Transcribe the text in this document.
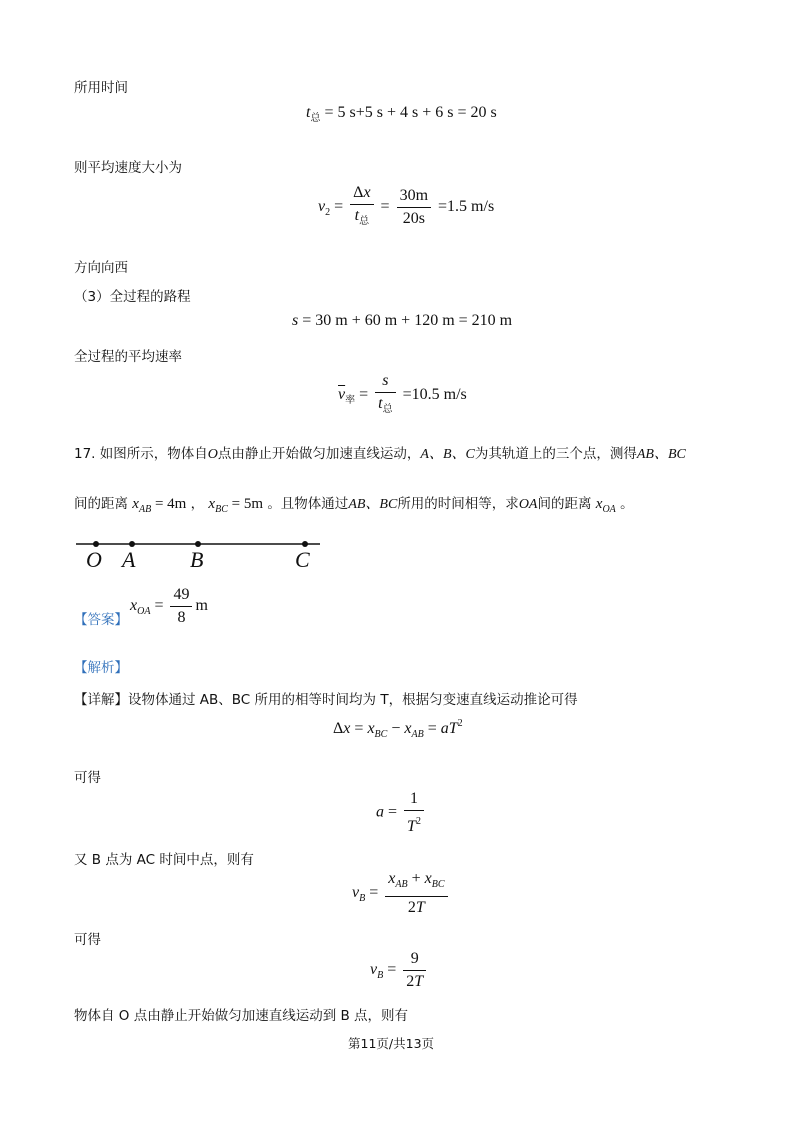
所用时间
$t_总 = 5$ s+5 s + 4 s + 6 s = 20 s
则平均速度大小为
$v_2 = \frac{\Delta x}{t_总} = \frac{30m}{20s} =1.5$ m/s
方向向西
（3）全过程的路程
s = 30 m + 60 m + 120 m = 210 m
全过程的平均速率
$\overline{v}_率 = \frac{s}{t_总} =10.5$ m/s
17. 如图所示，物体自O点由静止开始做匀加速直线运动，A、B、C为其轨道上的三个点，测得AB、BC
间的距离 $x_{AB} = 4m$ ， $x_{BC} = 5m$ 。且物体通过AB、BC所用的时间相等，求OA间的距离 $x_{OA}$ 。
O A B	C
【答案】
$x_{OA} = \frac{49}{8}$ m
【解析】
【详解】设物体通过 AB、BC 所用的相等时间均为 T，根据匀变速直线运动推论可得
$\Delta x = x_{BC} - x_{AB} = aT^2$
可得
$a = \frac{1}{T^2}$
又 B 点为 AC 时间中点，则有
$v_B = \frac{x_{AB} + x_{BC}}{2T}$
可得
$v_B = \frac{9}{2T}$
物体自 O 点由静止开始做匀加速直线运动到 B 点，则有
第11页/共13页
